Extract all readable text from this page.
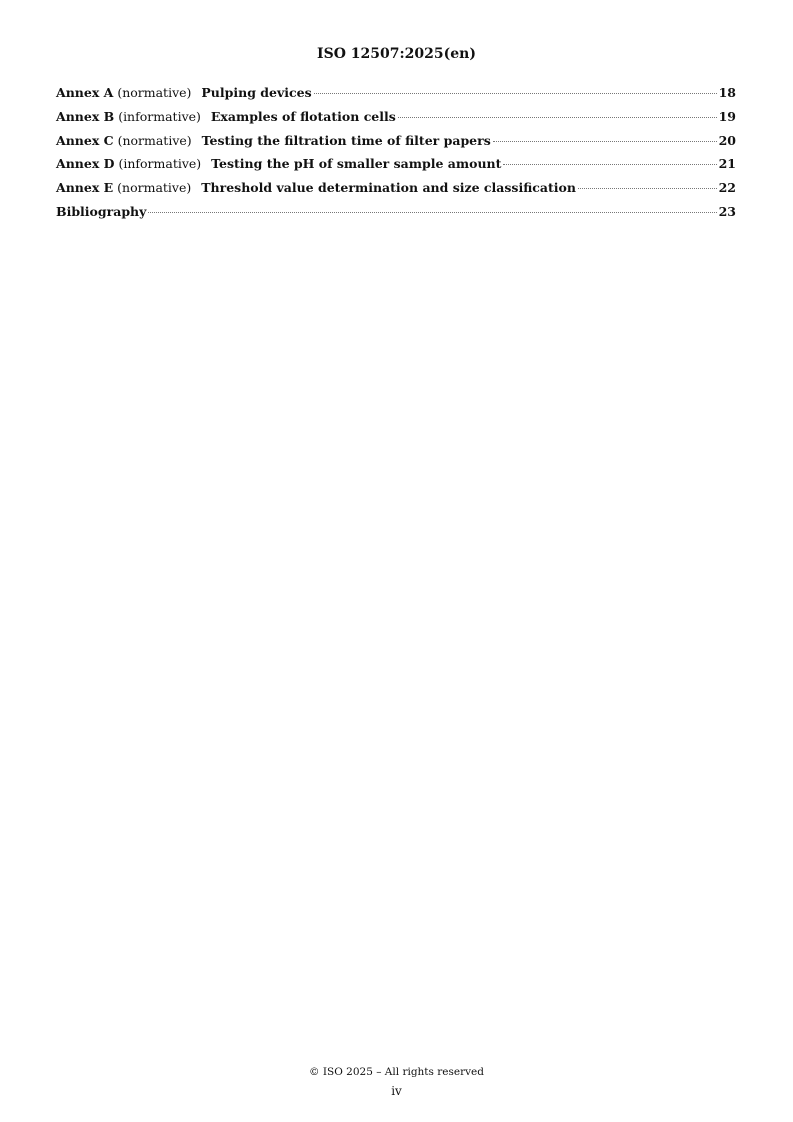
ISO 12507:2025(en)
Annex A (normative) Pulping devices	18
Annex B (informative) Examples of flotation cells	19
Annex C (normative) Testing the filtration time of filter papers	20
Annex D (informative) Testing the pH of smaller sample amount	21
Annex E (normative) Threshold value determination and size classification	22
Bibliography	23
© ISO 2025 – All rights reserved
iv
